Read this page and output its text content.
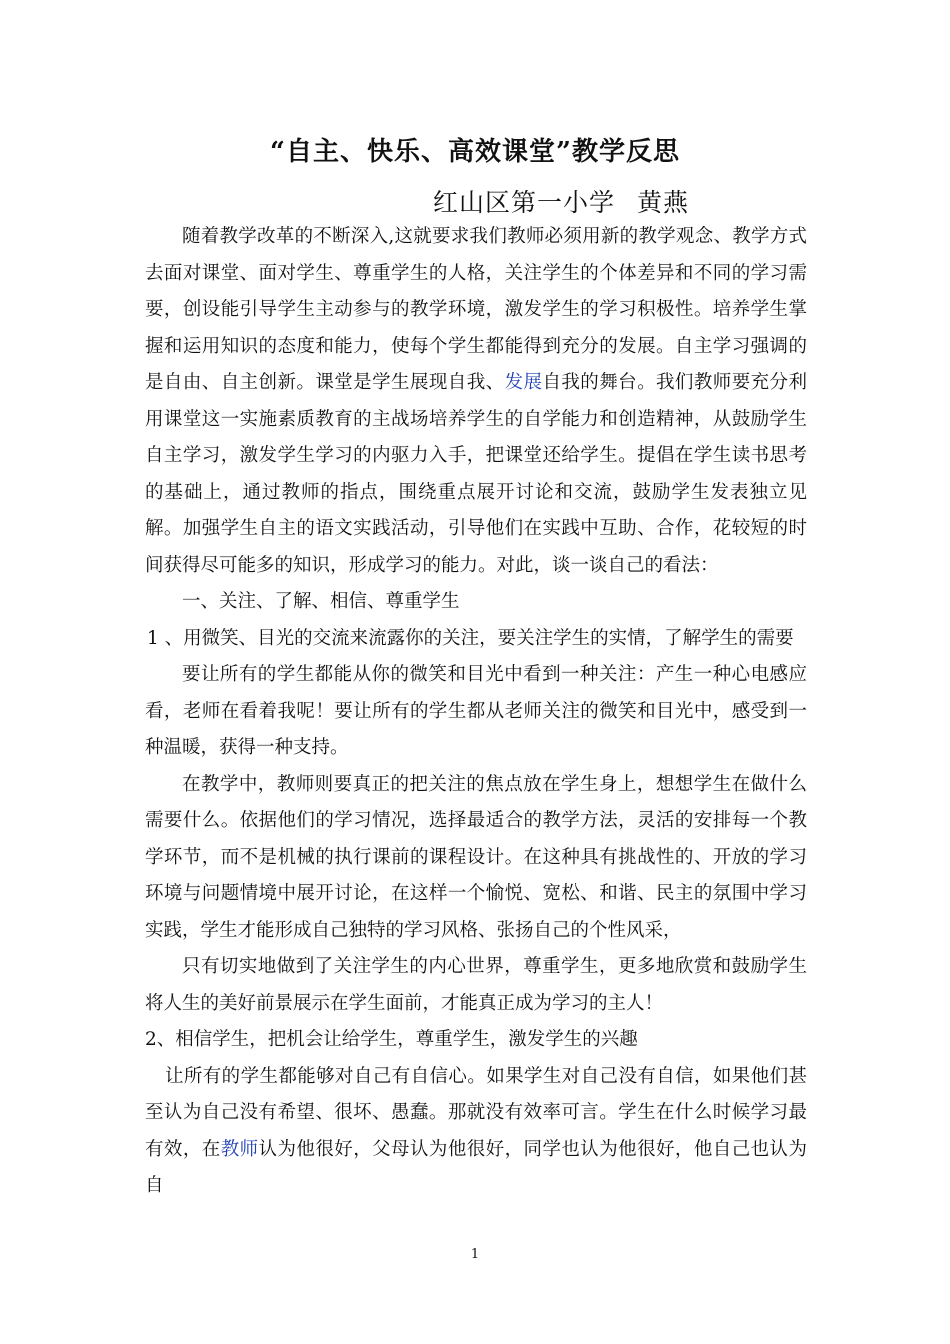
“自主、快乐、高效课堂”教学反思
红山区第一小学 黄燕

随着教学改革的不断深入,这就要求我们教师必须用新的教学观念、教学方式去面对课堂、面对学生、尊重学生的人格，关注学生的个体差异和不同的学习需要，创设能引导学生主动参与的教学环境，激发学生的学习积极性。培养学生掌握和运用知识的态度和能力，使每个学生都能得到充分的发展。自主学习强调的是自由、自主创新。课堂是学生展现自我、发展自我的舞台。我们教师要充分利用课堂这一实施素质教育的主战场培养学生的自学能力和创造精神，从鼓励学生自主学习，激发学生学习的内驱力入手，把课堂还给学生。提倡在学生读书思考的基础上，通过教师的指点，围绕重点展开讨论和交流，鼓励学生发表独立见解。加强学生自主的语文实践活动，引导他们在实践中互助、合作，花较短的时间获得尽可能多的知识，形成学习的能力。对此，谈一谈自己的看法：

一、关注、了解、相信、尊重学生

1 、用微笑、目光的交流来流露你的关注，要关注学生的实情，了解学生的需要

要让所有的学生都能从你的微笑和目光中看到一种关注：产生一种心电感应看，老师在看着我呢！要让所有的学生都从老师关注的微笑和目光中，感受到一种温暖，获得一种支持。

在教学中，教师则要真正的把关注的焦点放在学生身上，想想学生在做什么需要什么。依据他们的学习情况，选择最适合的教学方法，灵活的安排每一个教学环节，而不是机械的执行课前的课程设计。在这种具有挑战性的、开放的学习环境与问题情境中展开讨论，在这样一个愉悦、宽松、和谐、民主的氛围中学习实践，学生才能形成自己独特的学习风格、张扬自己的个性风采，

只有切实地做到了关注学生的内心世界，尊重学生，更多地欣赏和鼓励学生将人生的美好前景展示在学生面前，才能真正成为学习的主人！

2、相信学生，把机会让给学生，尊重学生，激发学生的兴趣

让所有的学生都能够对自己有自信心。如果学生对自己没有自信，如果他们甚至认为自己没有希望、很坏、愚蠢。那就没有效率可言。学生在什么时候学习最有效，在教师认为他很好，父母认为他很好，同学也认为他很好，他自己也认为自

1
